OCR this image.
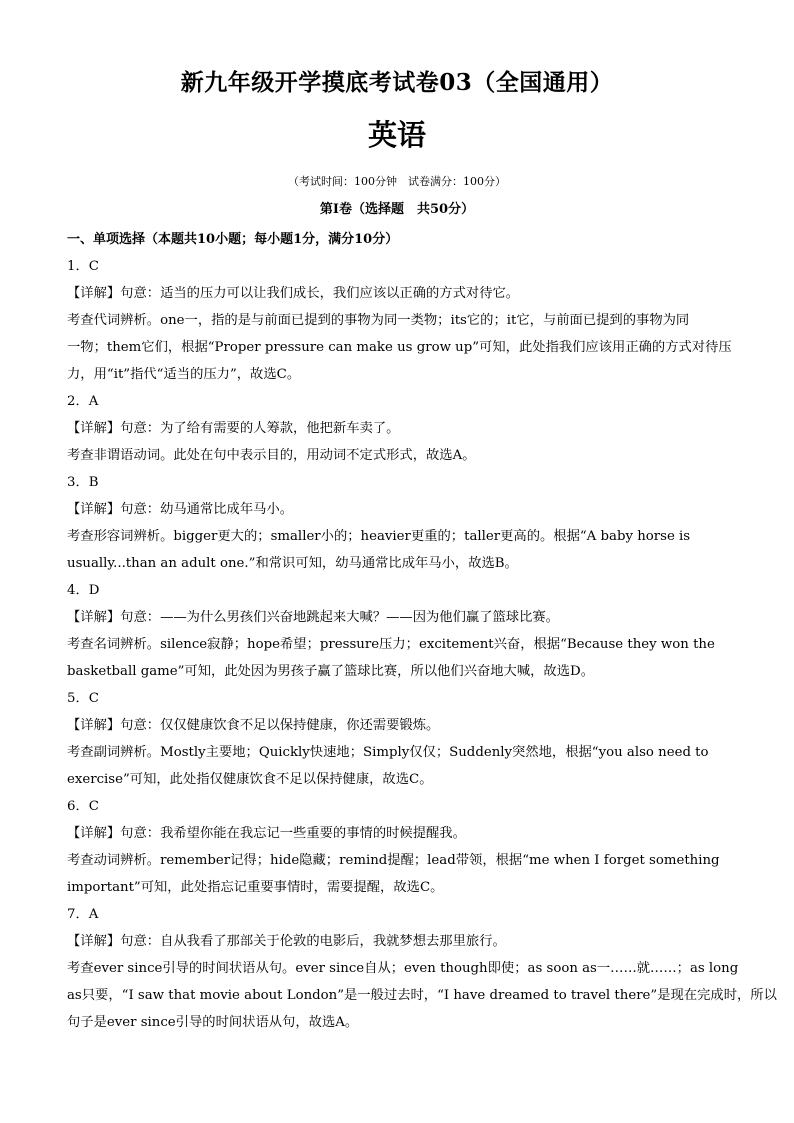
新九年级开学摸底考试卷03（全国通用）
英语
（考试时间：100分钟　试卷满分：100分）
第Ⅰ卷（选择题　共50分）
一、单项选择（本题共10小题；每小题1分，满分10分）
1．C
【详解】句意：适当的压力可以让我们成长，我们应该以正确的方式对待它。
考查代词辨析。one一，指的是与前面已提到的事物为同一类物；its它的；it它，与前面已提到的事物为同
一物；them它们，根据“Proper pressure can make us grow up”可知，此处指我们应该用正确的方式对待压
力，用“it”指代“适当的压力”，故选C。
2．A
【详解】句意：为了给有需要的人筹款，他把新车卖了。
考查非谓语动词。此处在句中表示目的，用动词不定式形式，故选A。
3．B
【详解】句意：幼马通常比成年马小。
考查形容词辨析。bigger更大的；smaller小的；heavier更重的；taller更高的。根据“A baby horse is
usually...than an adult one.”和常识可知，幼马通常比成年马小，故选B。
4．D
【详解】句意：——为什么男孩们兴奋地跳起来大喊？——因为他们赢了篮球比赛。
考查名词辨析。silence寂静；hope希望；pressure压力；excitement兴奋，根据“Because they won the
basketball game”可知，此处因为男孩子赢了篮球比赛，所以他们兴奋地大喊，故选D。
5．C
【详解】句意：仅仅健康饮食不足以保持健康，你还需要锻炼。
考查副词辨析。Mostly主要地；Quickly快速地；Simply仅仅；Suddenly突然地，根据“you also need to
exercise”可知，此处指仅健康饮食不足以保持健康，故选C。
6．C
【详解】句意：我希望你能在我忘记一些重要的事情的时候提醒我。
考查动词辨析。remember记得；hide隐藏；remind提醒；lead带领，根据“me when I forget something
important”可知，此处指忘记重要事情时，需要提醒，故选C。
7．A
【详解】句意：自从我看了那部关于伦敦的电影后，我就梦想去那里旅行。
考查ever since引导的时间状语从句。ever since自从；even though即使；as soon as一……就……；as long
as只要，“I saw that movie about London”是一般过去时，“I have dreamed to travel there”是现在完成时，所以
句子是ever since引导的时间状语从句，故选A。
